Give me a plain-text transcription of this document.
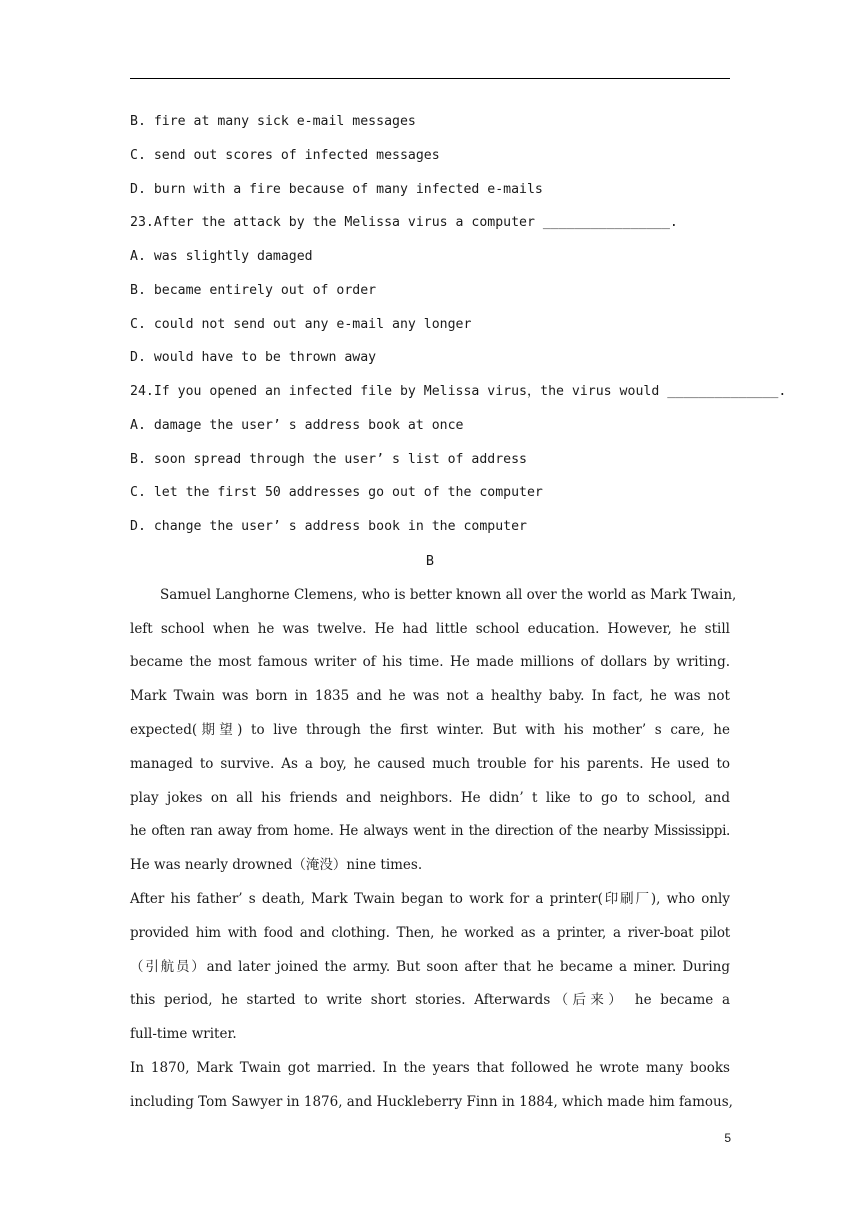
B. fire at many sick e-mail messages
C. send out scores of infected messages
D. burn with a fire because of many infected e-mails
23.After the attack by the Melissa virus a computer ________________.
A. was slightly damaged
B. became entirely out of order
C. could not send out any e-mail any longer
D. would have to be thrown away
24.If you opened an infected file by Melissa virus，the virus would ______________.
A. damage the user’ s address book at once
B. soon spread through the user’ s list of address
C. let the first 50 addresses go out of the computer
D. change the user’ s address book in the computer
B
Samuel Langhorne Clemens, who is better known all over the world as Mark Twain,
left school when he was twelve. He had little school education. However, he still
became the most famous writer of his time. He made millions of dollars by writing.
Mark Twain was born in 1835 and he was not a healthy baby. In fact, he was not
expected(期望) to live through the first winter. But with his mother’ s care, he
managed to survive. As a boy, he caused much trouble for his parents. He used to
play jokes on all his friends and neighbors. He didn’ t like to go to school, and
he often ran away from home. He always went in the direction of the nearby Mississippi.
He was nearly drowned（淹没）nine times.
After his father’ s death, Mark Twain began to work for a printer(印刷厂), who only
provided him with food and clothing. Then, he worked as a printer, a river-boat pilot
（引航员）and later joined the army. But soon after that he became a miner. During
this period, he started to write short stories. Afterwards（后来） he became a
full-time writer.
In 1870, Mark Twain got married. In the years that followed he wrote many books
including Tom Sawyer in 1876, and Huckleberry Finn in 1884, which made him famous,
5
